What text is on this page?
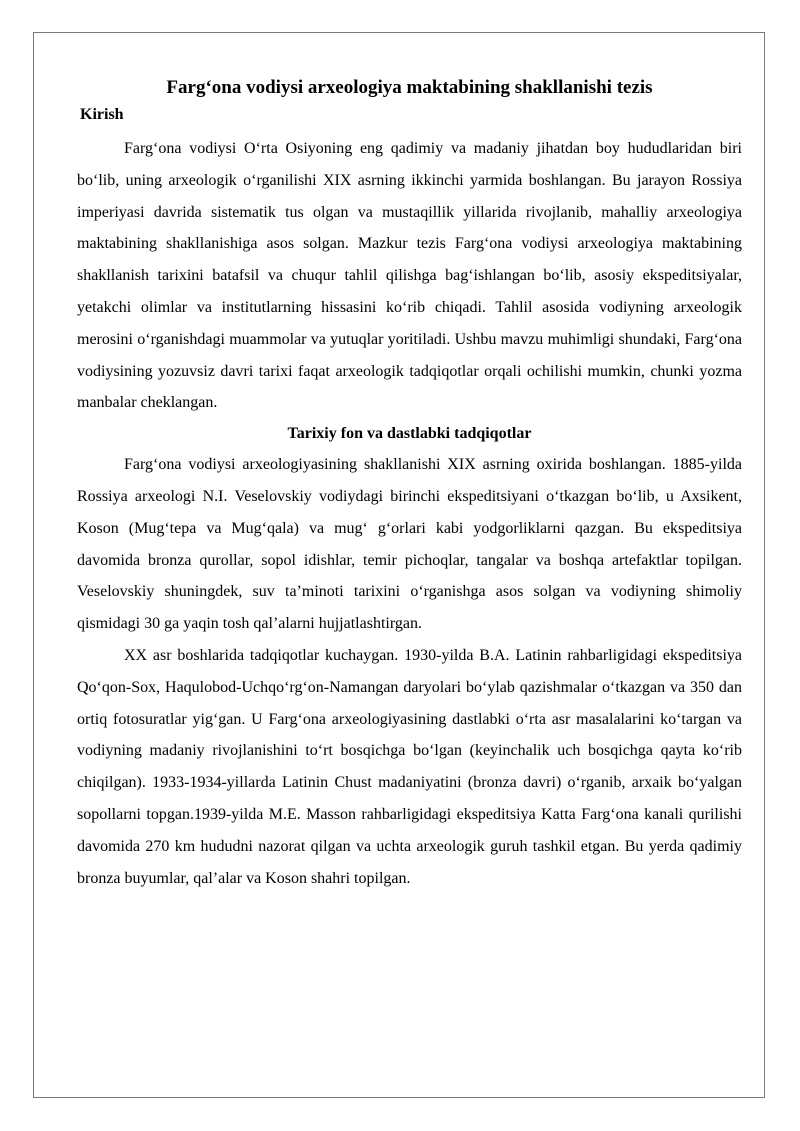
Farg‘ona vodiysi arxeologiya maktabining shakllanishi tezis
Kirish

Farg‘ona vodiysi O‘rta Osiyoning eng qadimiy va madaniy jihatdan boy hududlaridan biri bo‘lib, uning arxeologik o‘rganilishi XIX asrning ikkinchi yarmida boshlangan. Bu jarayon Rossiya imperiyasi davrida sistematik tus olgan va mustaqillik yillarida rivojlanib, mahalliy arxeologiya maktabining shakllanishiga asos solgan. Mazkur tezis Farg‘ona vodiysi arxeologiya maktabining shakllanish tarixini batafsil va chuqur tahlil qilishga bag‘ishlangan bo‘lib, asosiy ekspeditsiyalar, yetakchi olimlar va institutlarning hissasini ko‘rib chiqadi. Tahlil asosida vodiyning arxeologik merosini o‘rganishdagi muammolar va yutuqlar yoritiladi. Ushbu mavzu muhimligi shundaki, Farg‘ona vodiysining yozuvsiz davri tarixi faqat arxeologik tadqiqotlar orqali ochilishi mumkin, chunki yozma manbalar cheklangan.

Tarixiy fon va dastlabki tadqiqotlar

Farg‘ona vodiysi arxeologiyasining shakllanishi XIX asrning oxirida boshlangan. 1885-yilda Rossiya arxeologi N.I. Veselovskiy vodiydagi birinchi ekspeditsiyani o‘tkazgan bo‘lib, u Axsikent, Koson (Mug‘tepa va Mug‘qala) va mug‘ g‘orlari kabi yodgorliklarni qazgan. Bu ekspeditsiya davomida bronza qurollar, sopol idishlar, temir pichoqlar, tangalar va boshqa artefaktlar topilgan. Veselovskiy shuningdek, suv ta’minoti tarixini o‘rganishga asos solgan va vodiyning shimoliy qismidagi 30 ga yaqin tosh qal’alarni hujjatlashtirgan.

XX asr boshlarida tadqiqotlar kuchaygan. 1930-yilda B.A. Latinin rahbarligidagi ekspeditsiya Qo‘qon-Sox, Haqulobod-Uchqo‘rg‘on-Namangan daryolari bo‘ylab qazishmalar o‘tkazgan va 350 dan ortiq fotosuratlar yig‘gan. U Farg‘ona arxeologiyasining dastlabki o‘rta asr masalalarini ko‘targan va vodiyning madaniy rivojlanishini to‘rt bosqichga bo‘lgan (keyinchalik uch bosqichga qayta ko‘rib chiqilgan). 1933-1934-yillarda Latinin Chust madaniyatini (bronza davri) o‘rganib, arxaik bo‘yalgan sopollarni topgan.1939-yilda M.E. Masson rahbarligidagi ekspeditsiya Katta Farg‘ona kanali qurilishi davomida 270 km hududni nazorat qilgan va uchta arxeologik guruh tashkil etgan. Bu yerda qadimiy bronza buyumlar, qal’alar va Koson shahri topilgan.
